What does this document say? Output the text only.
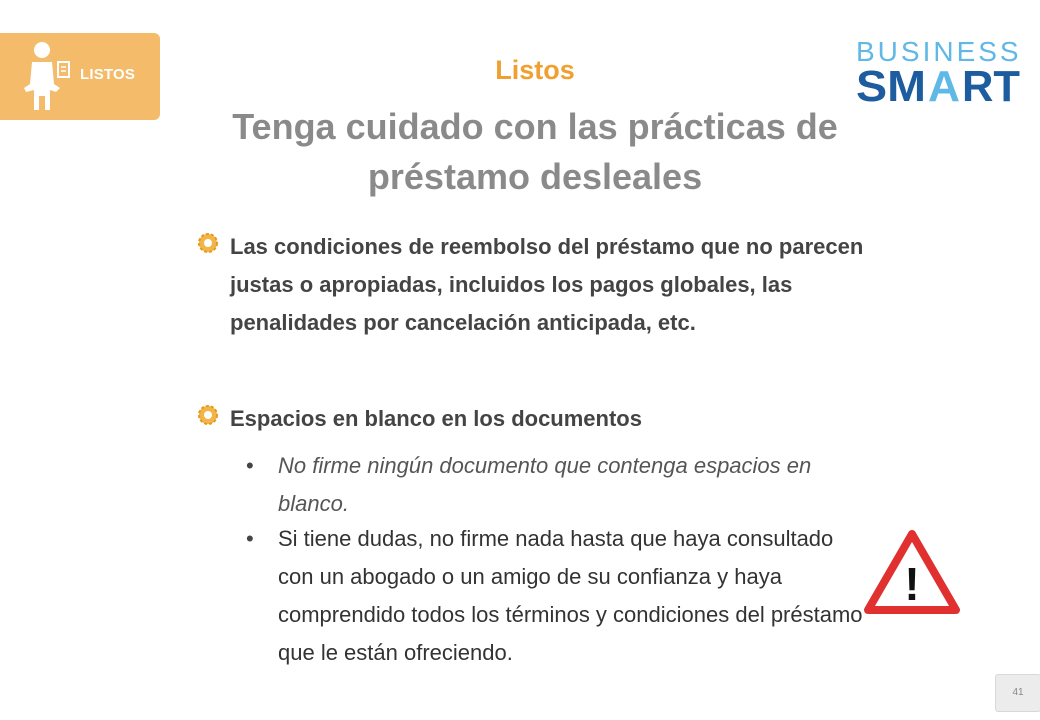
LISTOS
BUSINESS
SM A RT
Listos
Tenga cuidado con las prácticas de préstamo desleales
Las condiciones de reembolso del préstamo que no parecen justas o apropiadas, incluidos los pagos globales, las penalidades por cancelación anticipada, etc.
Espacios en blanco en los documentos
• No firme ningún documento que contenga espacios en blanco.
• Si tiene dudas, no firme nada hasta que haya consultado con un abogado o un amigo de su confianza y haya comprendido todos los términos y condiciones del préstamo que le están ofreciendo.
!
41
